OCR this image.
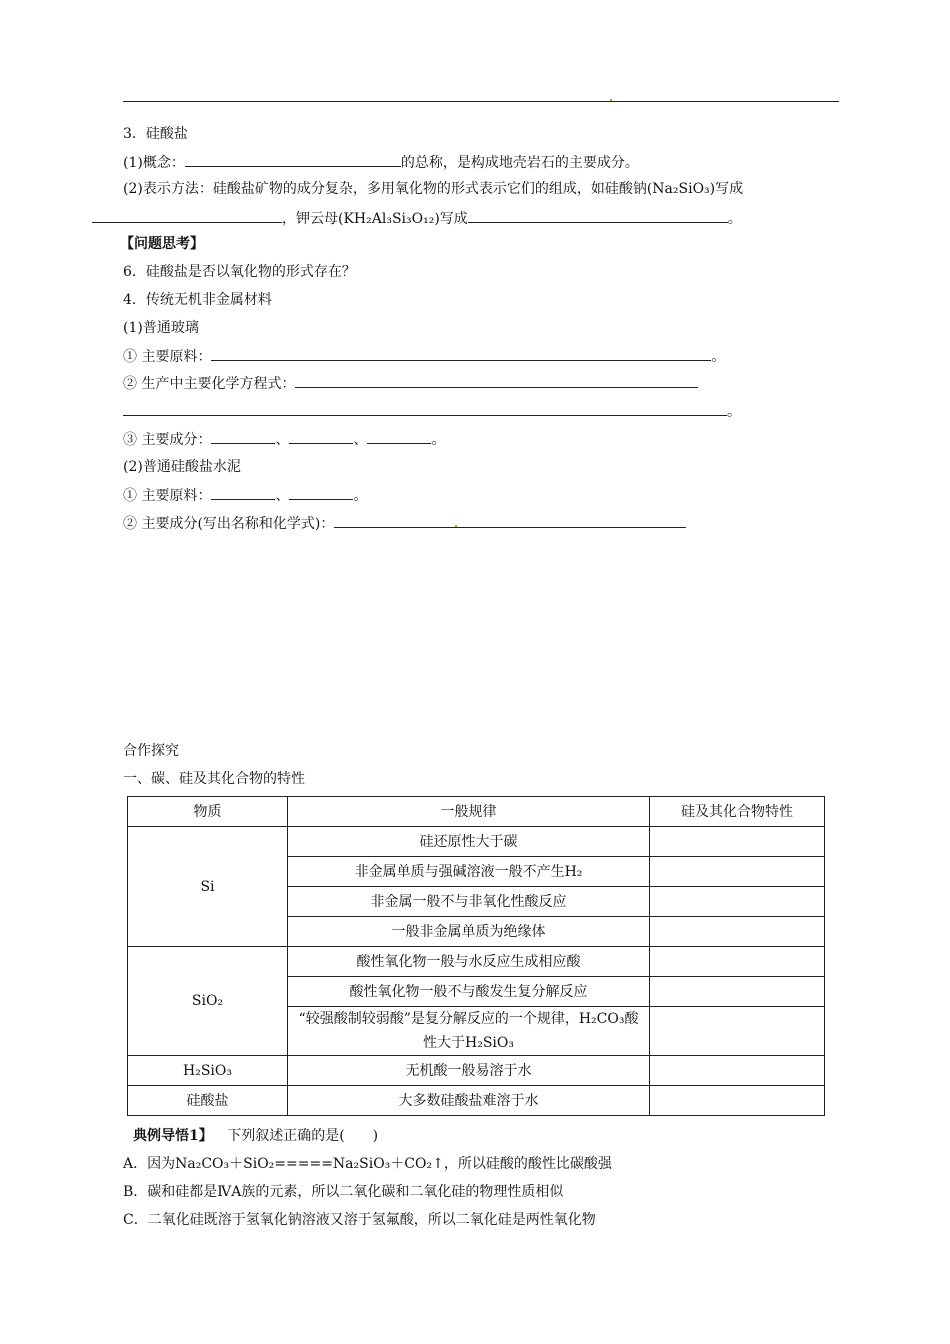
3．硅酸盐
(1)概念：	的总称，是构成地壳岩石的主要成分。
(2)表示方法：硅酸盐矿物的成分复杂，多用氧化物的形式表示它们的组成，如硅酸钠(Na₂SiO₃)写成
，钾云母(KH₂Al₃Si₃O₁₂)写成	。
【问题思考】
6．硅酸盐是否以氧化物的形式存在？
4．传统无机非金属材料
(1)普通玻璃
① 主要原料：	。
② 生产中主要化学方程式：
。
③ 主要成分：	、	、	。
(2)普通硅酸盐水泥
① 主要原料：	、	。
② 主要成分(写出名称和化学式)：
合作探究
一、碳、硅及其化合物的特性
物质	一般规律	硅及其化合物特性
Si	硅还原性大于碳	
	非金属单质与强碱溶液一般不产生H₂	
	非金属一般不与非氧化性酸反应	
	一般非金属单质为绝缘体	
SiO₂	酸性氧化物一般与水反应生成相应酸	
	酸性氧化物一般不与酸发生复分解反应	
	“较强酸制较弱酸”是复分解反应的一个规律，H₂CO₃酸性大于H₂SiO₃	
H₂SiO₃	无机酸一般易溶于水	
硅酸盐	大多数硅酸盐难溶于水	
典例导悟1】 下列叙述正确的是(　　)
A．因为Na₂CO₃＋SiO₂=====Na₂SiO₃＋CO₂↑，所以硅酸的酸性比碳酸强
B．碳和硅都是ⅣA族的元素，所以二氧化碳和二氧化硅的物理性质相似
C．二氧化硅既溶于氢氧化钠溶液又溶于氢氟酸，所以二氧化硅是两性氧化物
